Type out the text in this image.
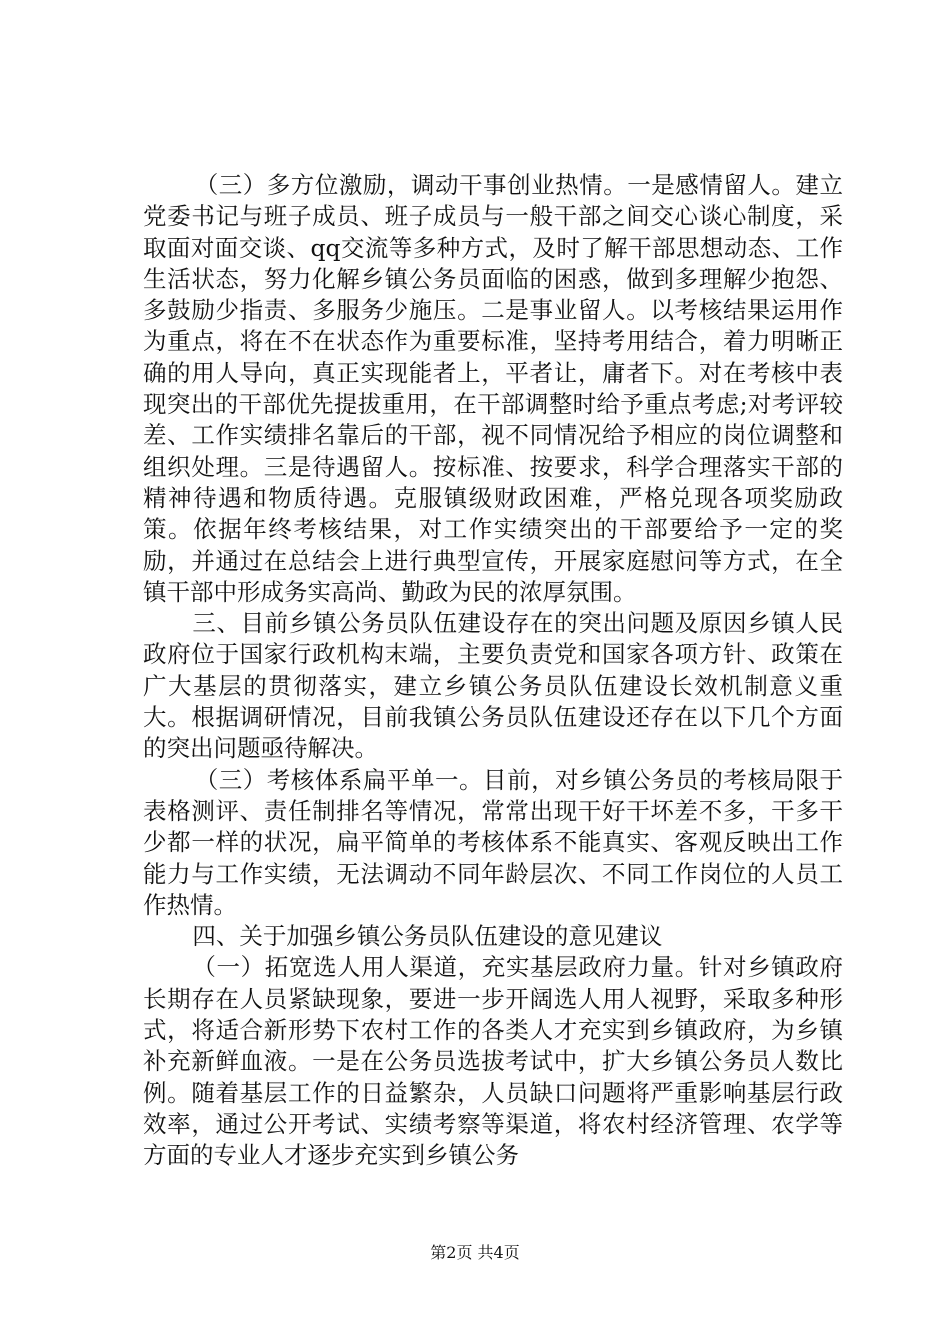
（三）多方位激励，调动干事创业热情。一是感情留人。建立党委书记与班子成员、班子成员与一般干部之间交心谈心制度，采取面对面交谈、qq交流等多种方式，及时了解干部思想动态、工作生活状态，努力化解乡镇公务员面临的困惑，做到多理解少抱怨、多鼓励少指责、多服务少施压。二是事业留人。以考核结果运用作为重点，将在不在状态作为重要标准，坚持考用结合，着力明晰正确的用人导向，真正实现能者上，平者让，庸者下。对在考核中表现突出的干部优先提拔重用，在干部调整时给予重点考虑;对考评较差、工作实绩排名靠后的干部，视不同情况给予相应的岗位调整和组织处理。三是待遇留人。按标准、按要求，科学合理落实干部的精神待遇和物质待遇。克服镇级财政困难，严格兑现各项奖励政策。依据年终考核结果，对工作实绩突出的干部要给予一定的奖励，并通过在总结会上进行典型宣传，开展家庭慰问等方式，在全镇干部中形成务实高尚、勤政为民的浓厚氛围。

三、目前乡镇公务员队伍建设存在的突出问题及原因乡镇人民政府位于国家行政机构末端，主要负责党和国家各项方针、政策在广大基层的贯彻落实，建立乡镇公务员队伍建设长效机制意义重大。根据调研情况，目前我镇公务员队伍建设还存在以下几个方面的突出问题亟待解决。

（三）考核体系扁平单一。目前，对乡镇公务员的考核局限于表格测评、责任制排名等情况，常常出现干好干坏差不多，干多干少都一样的状况，扁平简单的考核体系不能真实、客观反映出工作能力与工作实绩，无法调动不同年龄层次、不同工作岗位的人员工作热情。

四、关于加强乡镇公务员队伍建设的意见建议

（一）拓宽选人用人渠道，充实基层政府力量。针对乡镇政府长期存在人员紧缺现象，要进一步开阔选人用人视野，采取多种形式，将适合新形势下农村工作的各类人才充实到乡镇政府，为乡镇补充新鲜血液。一是在公务员选拔考试中，扩大乡镇公务员人数比例。随着基层工作的日益繁杂，人员缺口问题将严重影响基层行政效率，通过公开考试、实绩考察等渠道，将农村经济管理、农学等方面的专业人才逐步充实到乡镇公务

第2页 共4页
